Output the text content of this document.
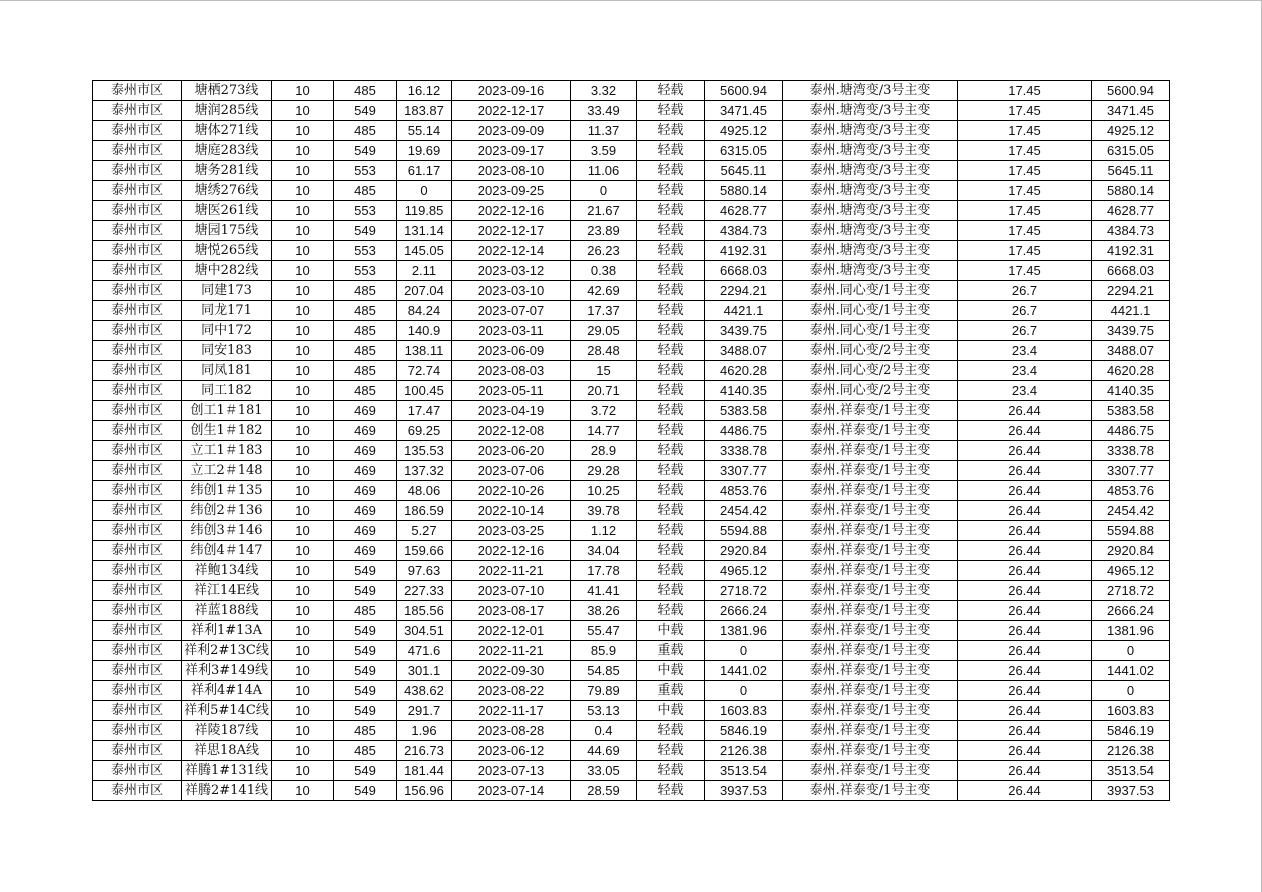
泰州市区	塘栖273线	10	485	16.12	2023-09-16	3.32	轻载	5600.94	泰州.塘湾变/3号主变	17.45	5600.94
泰州市区	塘润285线	10	549	183.87	2022-12-17	33.49	轻载	3471.45	泰州.塘湾变/3号主变	17.45	3471.45
泰州市区	塘体271线	10	485	55.14	2023-09-09	11.37	轻载	4925.12	泰州.塘湾变/3号主变	17.45	4925.12
泰州市区	塘庭283线	10	549	19.69	2023-09-17	3.59	轻载	6315.05	泰州.塘湾变/3号主变	17.45	6315.05
泰州市区	塘务281线	10	553	61.17	2023-08-10	11.06	轻载	5645.11	泰州.塘湾变/3号主变	17.45	5645.11
泰州市区	塘绣276线	10	485	0	2023-09-25	0	轻载	5880.14	泰州.塘湾变/3号主变	17.45	5880.14
泰州市区	塘医261线	10	553	119.85	2022-12-16	21.67	轻载	4628.77	泰州.塘湾变/3号主变	17.45	4628.77
泰州市区	塘园175线	10	549	131.14	2022-12-17	23.89	轻载	4384.73	泰州.塘湾变/3号主变	17.45	4384.73
泰州市区	塘悦265线	10	553	145.05	2022-12-14	26.23	轻载	4192.31	泰州.塘湾变/3号主变	17.45	4192.31
泰州市区	塘中282线	10	553	2.11	2023-03-12	0.38	轻载	6668.03	泰州.塘湾变/3号主变	17.45	6668.03
泰州市区	同建173	10	485	207.04	2023-03-10	42.69	轻载	2294.21	泰州.同心变/1号主变	26.7	2294.21
泰州市区	同龙171	10	485	84.24	2023-07-07	17.37	轻载	4421.1	泰州.同心变/1号主变	26.7	4421.1
泰州市区	同中172	10	485	140.9	2023-03-11	29.05	轻载	3439.75	泰州.同心变/1号主变	26.7	3439.75
泰州市区	同安183	10	485	138.11	2023-06-09	28.48	轻载	3488.07	泰州.同心变/2号主变	23.4	3488.07
泰州市区	同凤181	10	485	72.74	2023-08-03	15	轻载	4620.28	泰州.同心变/2号主变	23.4	4620.28
泰州市区	同工182	10	485	100.45	2023-05-11	20.71	轻载	4140.35	泰州.同心变/2号主变	23.4	4140.35
泰州市区	创工1＃181	10	469	17.47	2023-04-19	3.72	轻载	5383.58	泰州.祥泰变/1号主变	26.44	5383.58
泰州市区	创生1＃182	10	469	69.25	2022-12-08	14.77	轻载	4486.75	泰州.祥泰变/1号主变	26.44	4486.75
泰州市区	立工1＃183	10	469	135.53	2023-06-20	28.9	轻载	3338.78	泰州.祥泰变/1号主变	26.44	3338.78
泰州市区	立工2＃148	10	469	137.32	2023-07-06	29.28	轻载	3307.77	泰州.祥泰变/1号主变	26.44	3307.77
泰州市区	纬创1＃135	10	469	48.06	2022-10-26	10.25	轻载	4853.76	泰州.祥泰变/1号主变	26.44	4853.76
泰州市区	纬创2＃136	10	469	186.59	2022-10-14	39.78	轻载	2454.42	泰州.祥泰变/1号主变	26.44	2454.42
泰州市区	纬创3＃146	10	469	5.27	2023-03-25	1.12	轻载	5594.88	泰州.祥泰变/1号主变	26.44	5594.88
泰州市区	纬创4＃147	10	469	159.66	2022-12-16	34.04	轻载	2920.84	泰州.祥泰变/1号主变	26.44	2920.84
泰州市区	祥鲍134线	10	549	97.63	2022-11-21	17.78	轻载	4965.12	泰州.祥泰变/1号主变	26.44	4965.12
泰州市区	祥江14E线	10	549	227.33	2023-07-10	41.41	轻载	2718.72	泰州.祥泰变/1号主变	26.44	2718.72
泰州市区	祥蓝188线	10	485	185.56	2023-08-17	38.26	轻载	2666.24	泰州.祥泰变/1号主变	26.44	2666.24
泰州市区	祥利1#13A	10	549	304.51	2022-12-01	55.47	中载	1381.96	泰州.祥泰变/1号主变	26.44	1381.96
泰州市区	祥利2#13C线	10	549	471.6	2022-11-21	85.9	重载	0	泰州.祥泰变/1号主变	26.44	0
泰州市区	祥利3#149线	10	549	301.1	2022-09-30	54.85	中载	1441.02	泰州.祥泰变/1号主变	26.44	1441.02
泰州市区	祥利4#14A	10	549	438.62	2023-08-22	79.89	重载	0	泰州.祥泰变/1号主变	26.44	0
泰州市区	祥利5#14C线	10	549	291.7	2022-11-17	53.13	中载	1603.83	泰州.祥泰变/1号主变	26.44	1603.83
泰州市区	祥陵187线	10	485	1.96	2023-08-28	0.4	轻载	5846.19	泰州.祥泰变/1号主变	26.44	5846.19
泰州市区	祥思18A线	10	485	216.73	2023-06-12	44.69	轻载	2126.38	泰州.祥泰变/1号主变	26.44	2126.38
泰州市区	祥腾1#131线	10	549	181.44	2023-07-13	33.05	轻载	3513.54	泰州.祥泰变/1号主变	26.44	3513.54
泰州市区	祥腾2#141线	10	549	156.96	2023-07-14	28.59	轻载	3937.53	泰州.祥泰变/1号主变	26.44	3937.53
